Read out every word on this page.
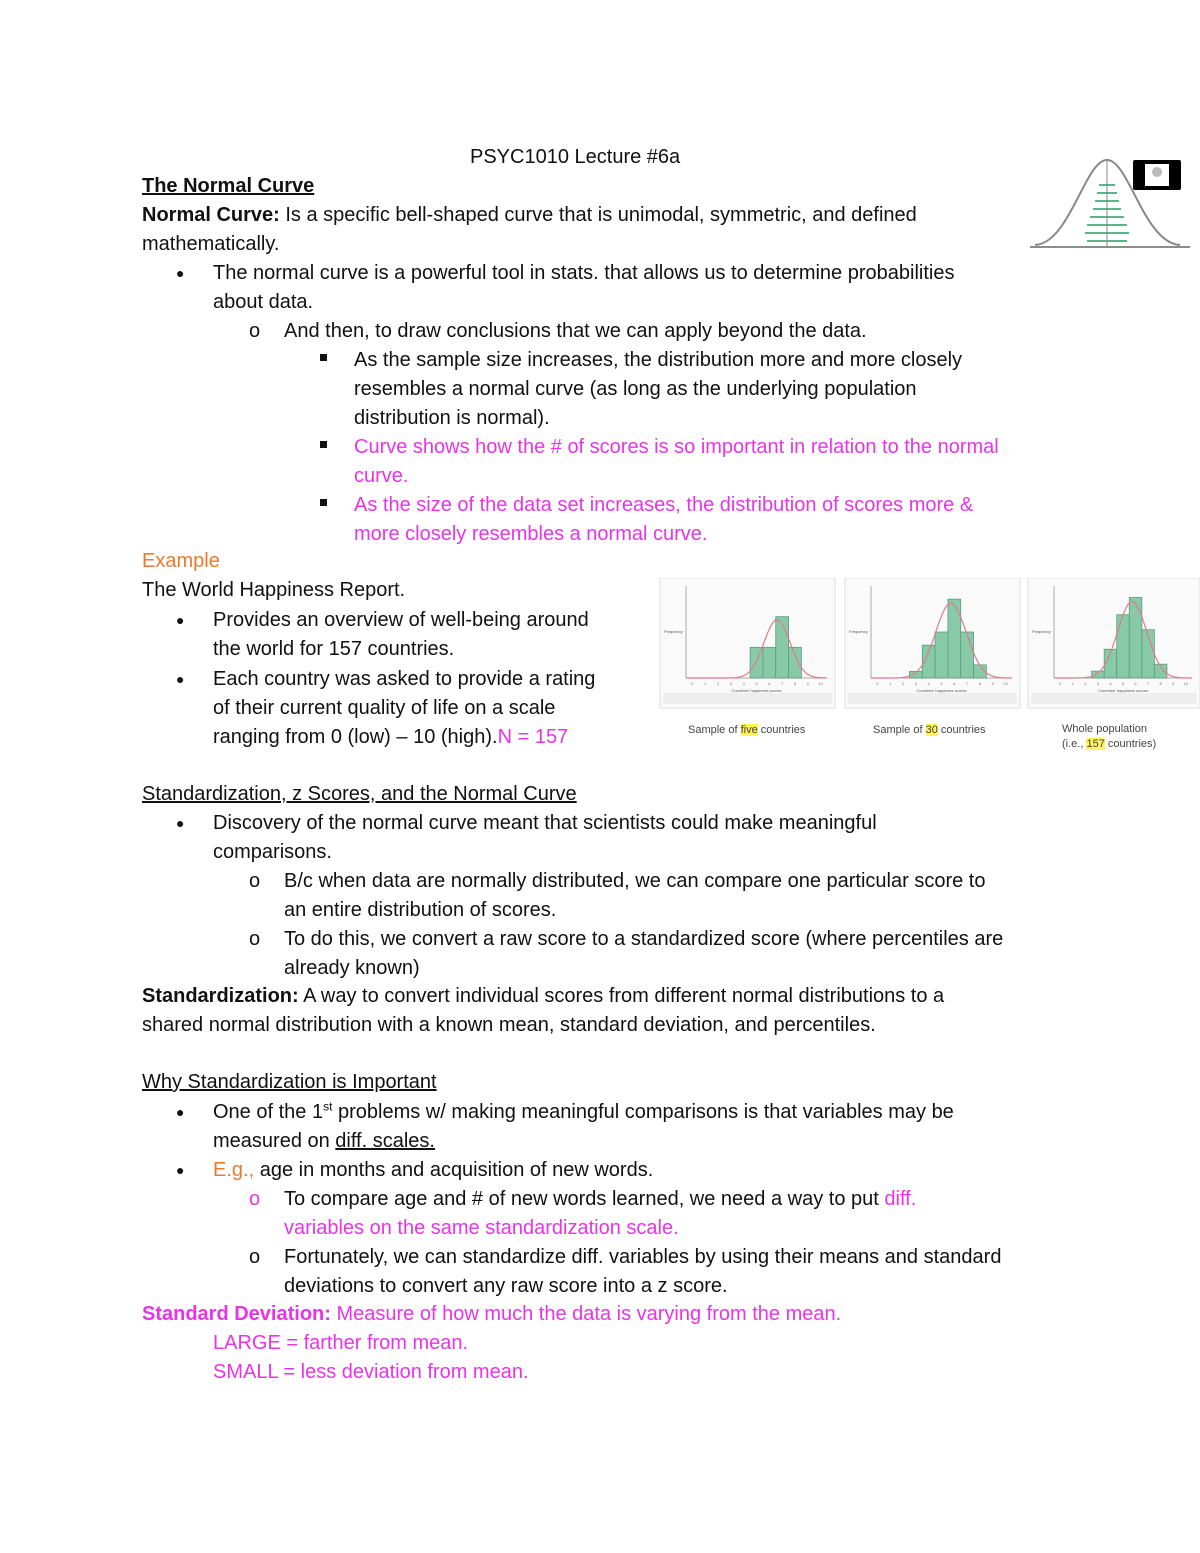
PSYC1010 Lecture #6a
The Normal Curve
Normal Curve: Is a specific bell-shaped curve that is unimodal, symmetric, and defined
mathematically.
● The normal curve is a powerful tool in stats. that allows us to determine probabilities
about data.
o And then, to draw conclusions that we can apply beyond the data.
As the sample size increases, the distribution more and more closely
resembles a normal curve (as long as the underlying population
distribution is normal).
Curve shows how the # of scores is so important in relation to the normal
curve.
As the size of the data set increases, the distribution of scores more &
more closely resembles a normal curve.
Example
The World Happiness Report.
● Provides an overview of well-being around
the world for 157 countries.
● Each country was asked to provide a rating
of their current quality of life on a scale
ranging from 0 (low) – 10 (high).N = 157
0	1	2	3	4	5	6	7	8	9 10
Countries' happiness scores
Frequency
0	1	2	3	4	5	6	7	8	9 10
Countries' happiness scores
Frequency
0	1	2	3	4	5	6	7	8	9 10
Countries' happiness scores
Frequency
Sample of five countries	Sample of 30 countries	Whole population
(i.e., 157 countries)
Standardization, z Scores, and the Normal Curve
● Discovery of the normal curve meant that scientists could make meaningful
comparisons.
o B/c when data are normally distributed, we can compare one particular score to
an entire distribution of scores.
o To do this, we convert a raw score to a standardized score (where percentiles are
already known)
Standardization: A way to convert individual scores from different normal distributions to a
shared normal distribution with a known mean, standard deviation, and percentiles.
Why Standardization is Important
● One of the 1st problems w/ making meaningful comparisons is that variables may be
measured on diff. scales.
● E.g., age in months and acquisition of new words.
o To compare age and # of new words learned, we need a way to put diff.
variables on the same standardization scale.
o Fortunately, we can standardize diff. variables by using their means and standard
deviations to convert any raw score into a z score.
Standard Deviation: Measure of how much the data is varying from the mean.
LARGE = farther from mean.
SMALL = less deviation from mean.
